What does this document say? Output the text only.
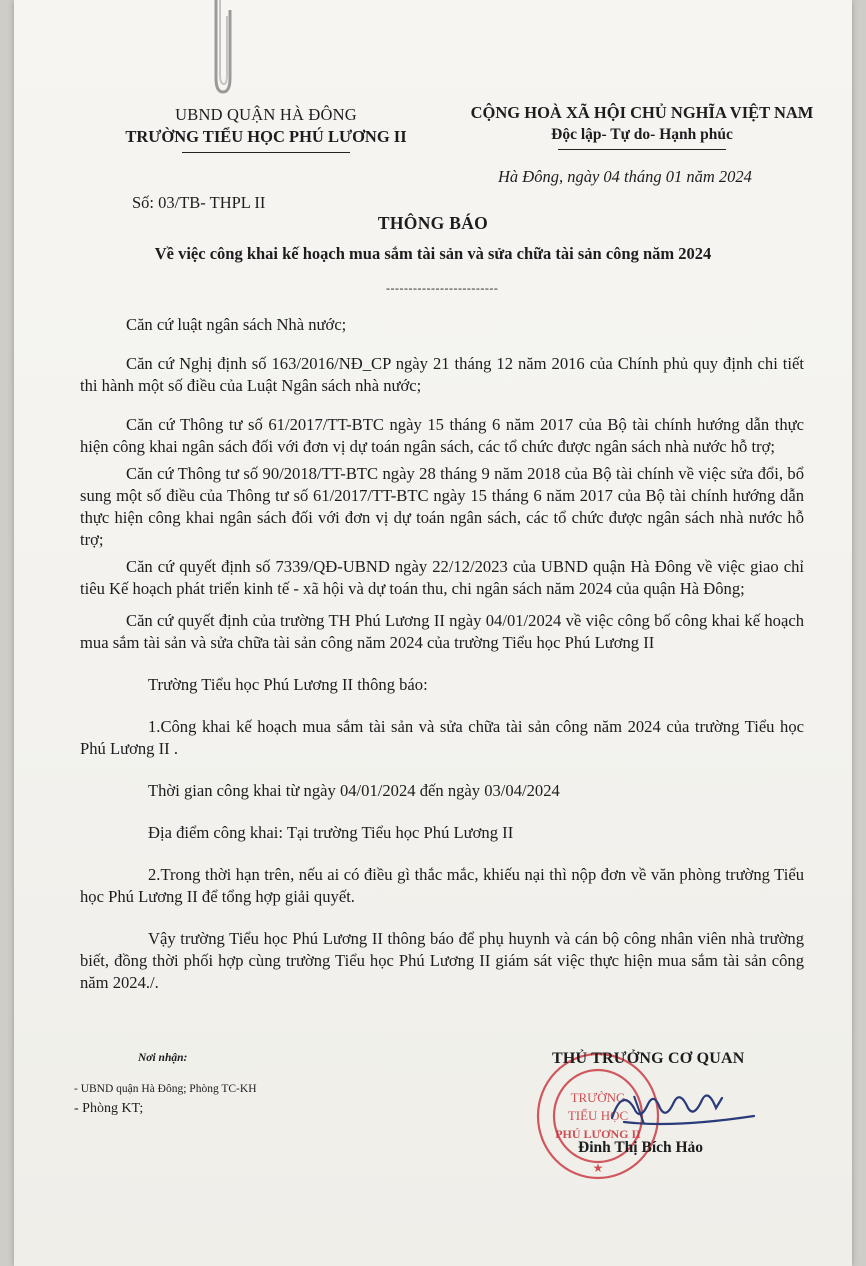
UBND QUẬN HÀ ĐÔNG
TRƯỜNG TIỂU HỌC PHÚ LƯƠNG II
CỘNG HOÀ XÃ HỘI CHỦ NGHĨA VIỆT NAM
Độc lập- Tự do- Hạnh phúc
Hà Đông, ngày 04 tháng 01 năm 2024
Số: 03/TB- THPL II
THÔNG BÁO
Về việc công khai kế hoạch mua sắm tài sản và sửa chữa tài sản công năm 2024
-------------------------

Căn cứ luật ngân sách Nhà nước;

Căn cứ Nghị định số 163/2016/NĐ_CP ngày 21 tháng 12 năm 2016 của Chính phủ quy định chi tiết thi hành một số điều của Luật Ngân sách nhà nước;

Căn cứ Thông tư số 61/2017/TT-BTC ngày 15 tháng 6 năm 2017 của Bộ tài chính hướng dẫn thực hiện công khai ngân sách đối với đơn vị dự toán ngân sách, các tổ chức được ngân sách nhà nước hỗ trợ;

Căn cứ Thông tư số 90/2018/TT-BTC ngày 28 tháng 9 năm 2018 của Bộ tài chính về việc sửa đổi, bổ sung một số điều của Thông tư số 61/2017/TT-BTC ngày 15 tháng 6 năm 2017 của Bộ tài chính hướng dẫn thực hiện công khai ngân sách đối với đơn vị dự toán ngân sách, các tổ chức được ngân sách nhà nước hỗ trợ;

Căn cứ quyết định số 7339/QĐ-UBND ngày 22/12/2023 của UBND quận Hà Đông về việc giao chỉ tiêu Kế hoạch phát triển kinh tế - xã hội và dự toán thu, chi ngân sách năm 2024 của quận Hà Đông;

Căn cứ quyết định của trường TH Phú Lương II ngày 04/01/2024 về việc công bố công khai kế hoạch mua sắm tài sản và sửa chữa tài sản công năm 2024 của trường Tiểu học Phú Lương II

Trường Tiểu học Phú Lương II thông báo:

1.Công khai kế hoạch mua sắm tài sản và sửa chữa tài sản công năm 2024 của trường Tiểu học Phú Lương II .

Thời gian công khai từ ngày 04/01/2024 đến ngày 03/04/2024

Địa điểm công khai: Tại trường Tiểu học Phú Lương II

2.Trong thời hạn trên, nếu ai có điều gì thắc mắc, khiếu nại thì nộp đơn về văn phòng trường Tiểu học Phú Lương II để tổng hợp giải quyết.

Vậy trường Tiểu học Phú Lương II thông báo để phụ huynh và cán bộ công nhân viên nhà trường biết, đồng thời phối hợp cùng trường Tiểu học Phú Lương II giám sát việc thực hiện mua sắm tài sản công năm 2024./.

Nơi nhận:
- UBND quận Hà Đông; Phòng TC-KH
- Phòng KT;
TRƯỜNG
TIỂU HỌC
PHÚ LƯƠNG II
★
THỦ TRƯỞNG CƠ QUAN
Đinh Thị Bích Hảo
